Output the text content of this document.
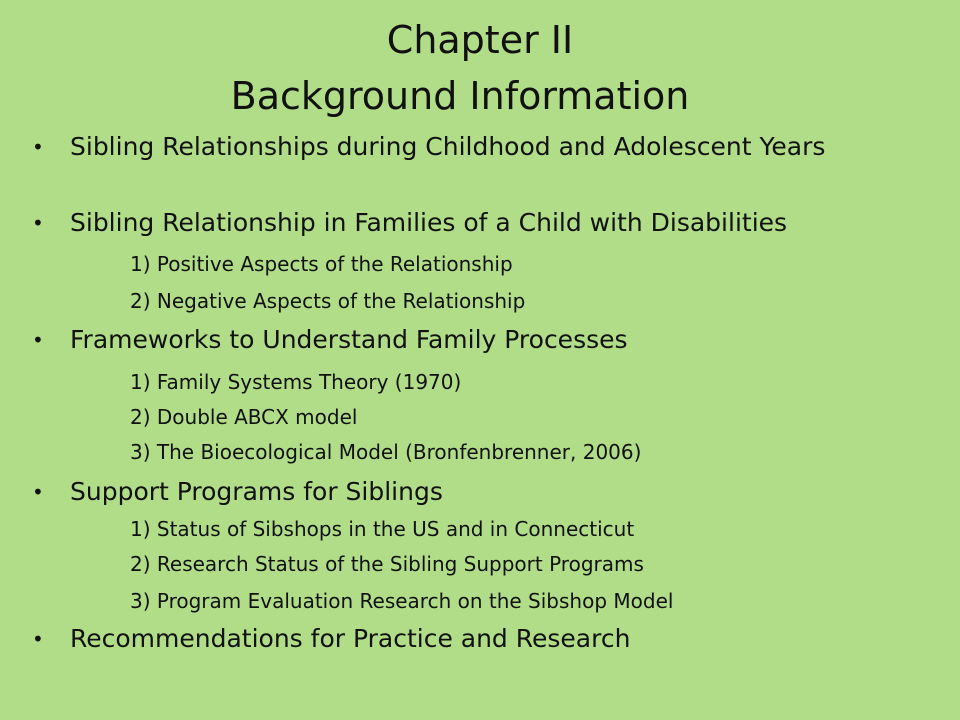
Chapter II
Background Information
• Sibling Relationships during Childhood and Adolescent Years
• Sibling Relationship in Families of a Child with Disabilities
1) Positive Aspects of the Relationship
2) Negative Aspects of the Relationship
• Frameworks to Understand Family Processes
1) Family Systems Theory (1970)
2) Double ABCX model
3) The Bioecological Model (Bronfenbrenner, 2006)
• Support Programs for Siblings
1) Status of Sibshops in the US and in Connecticut
2) Research Status of the Sibling Support Programs
3) Program Evaluation Research on the Sibshop Model
• Recommendations for Practice and Research
